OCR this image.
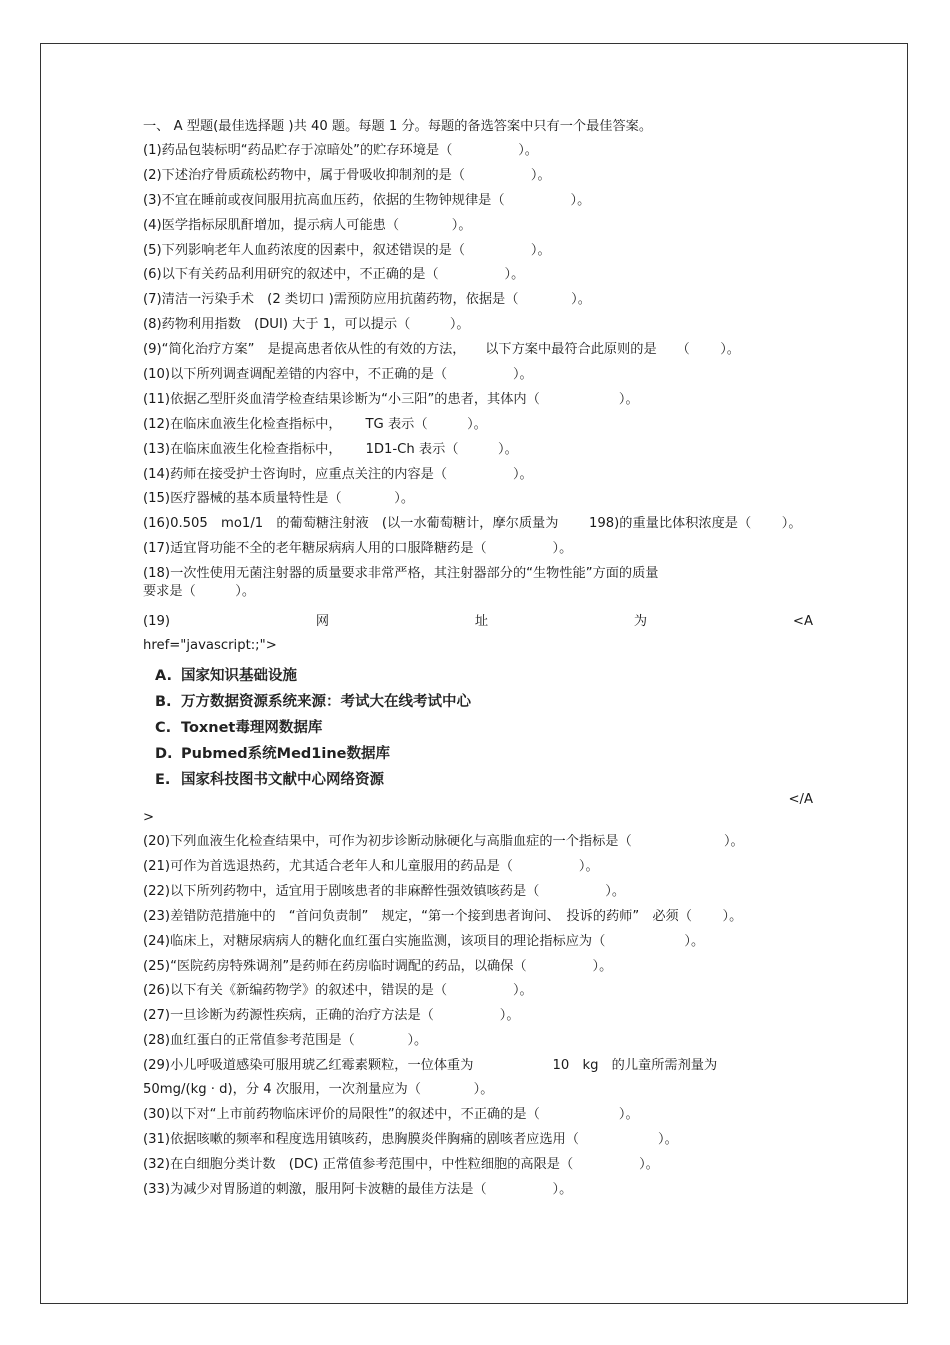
一、 A 型题(最佳选择题 )共 40 题。每题 1 分。每题的备选答案中只有一个最佳答案。

(1)药品包装标明“药品贮存于凉暗处”的贮存环境是（　　　　　）。

(2)下述治疗骨质疏松药物中，属于骨吸收抑制剂的是（　　　　　）。

(3)不宜在睡前或夜间服用抗高血压药，依据的生物钟规律是（　　　　　）。

(4)医学指标尿肌酐增加，提示病人可能患（　　　　）。

(5)下列影响老年人血药浓度的因素中，叙述错误的是（　　　　　）。

(6)以下有关药品利用研究的叙述中，不正确的是（　　　　　）。

(7)清洁一污染手术　(2 类切口 )需预防应用抗菌药物，依据是（　　　　）。

(8)药物利用指数　(DUI) 大于 1，可以提示（　　　）。

(9)“简化治疗方案”　是提高患者依从性的有效的方法，　　以下方案中最符合此原则的是　　（　　 ）。

(10)以下所列调查调配差错的内容中，不正确的是（　　　　　）。

(11)依据乙型肝炎血清学检查结果诊断为“小三阳”的患者，其体内（　　　　　　）。

(12)在临床血液生化检查指标中，　　 TG 表示（　　　）。

(13)在临床血液生化检查指标中，　　 1D1-Ch 表示（　　　）。

(14)药师在接受护士咨询时，应重点关注的内容是（　　　　　）。

(15)医疗器械的基本质量特性是（　　　　）。

(16)0.505　mo1/1　的葡萄糖注射液　(以一水葡萄糖计，摩尔质量为　　 198)的重量比体积浓度是（　　 ）。

(17)适宜肾功能不全的老年糖尿病病人用的口服降糖药是（　　　　　）。

(18)一次性使用无菌注射器的质量要求非常严格，其注射器部分的“生物性能”方面的质量

要求是（　　　）。

(19)	网	址	为	<A

href="javascript:;">

A. 国家知识基础设施
B. 万方数据资源系统来源：考试大在线考试中心
C. Toxnet毒理网数据库
D. Pubmed系统Med1ine数据库
E. 国家科技图书文献中心网络资源
</A
>

(20)下列血液生化检查结果中，可作为初步诊断动脉硬化与高脂血症的一个指标是（　　　　　　　）。

(21)可作为首选退热药，尤其适合老年人和儿童服用的药品是（　　　　　）。

(22)以下所列药物中，适宜用于剧咳患者的非麻醉性强效镇咳药是（　　　　　）。

(23)差错防范措施中的　“首问负责制”　规定，“第一个接到患者询问、　投诉的药师”　必须（　　 ）。

(24)临床上，对糖尿病病人的糖化血红蛋白实施监测，该项目的理论指标应为（　　　　　　）。

(25)“医院药房特殊调剂”是药师在药房临时调配的药品，以确保（　　　　　）。

(26)以下有关《新编药物学》的叙述中，错误的是（　　　　　）。

(27)一旦诊断为药源性疾病，正确的治疗方法是（　　　　　）。

(28)血红蛋白的正常值参考范围是（　　　　）。

(29)小儿呼吸道感染可服用琥乙红霉素颗粒，一位体重为　　　　　　10　kg　的儿童所需剂量为

50mg/(kg · d)，分 4 次服用，一次剂量应为（　　　　）。

(30)以下对“上市前药物临床评价的局限性”的叙述中，不正确的是（　　　　　　）。

(31)依据咳嗽的频率和程度选用镇咳药，患胸膜炎伴胸痛的剧咳者应选用（　　　　　　）。

(32)在白细胞分类计数　(DC) 正常值参考范围中，中性粒细胞的高限是（　　　　　）。

(33)为减少对胃肠道的刺激，服用阿卡波糖的最佳方法是（　　　　　）。
